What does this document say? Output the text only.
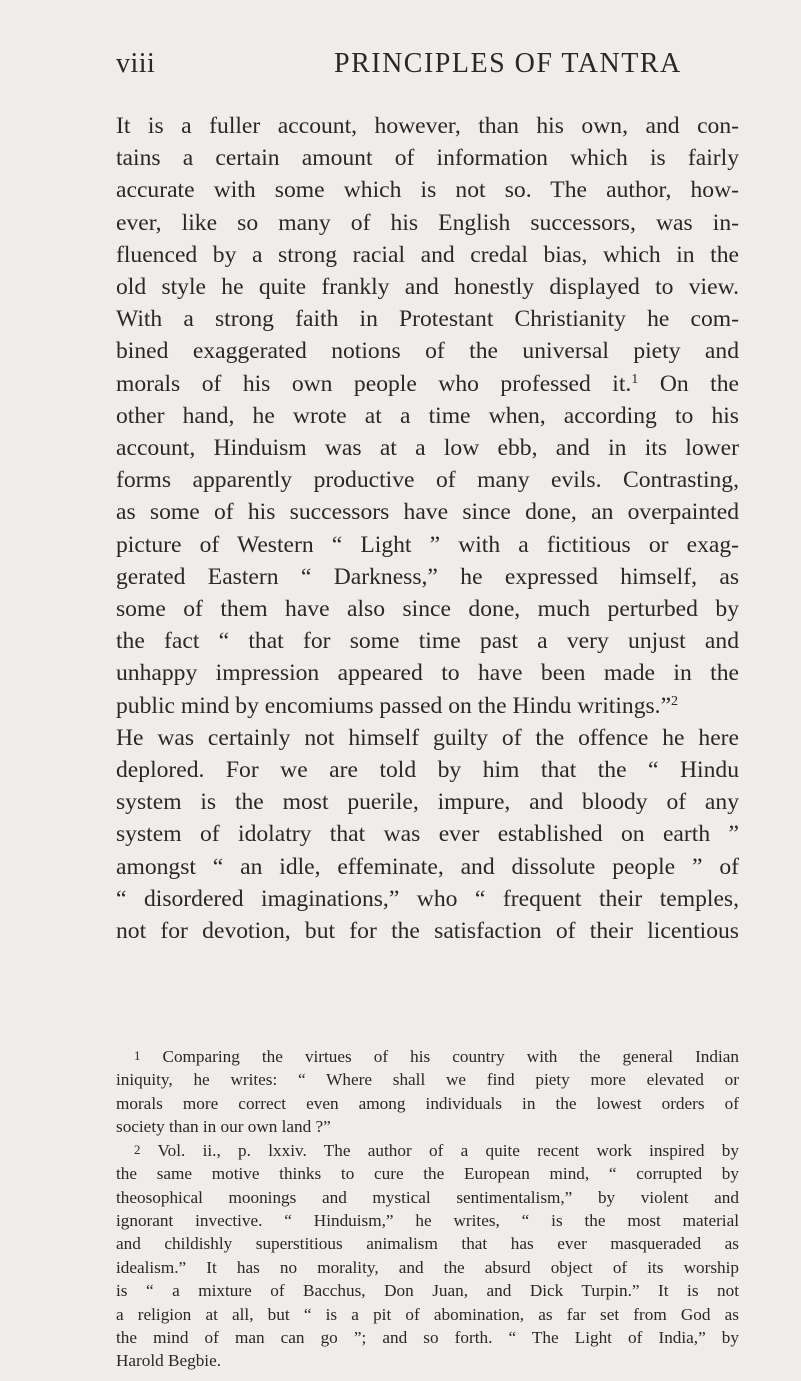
viii	PRINCIPLES OF TANTRA
It is a fuller account, however, than his own, and con-
tains a certain amount of information which is fairly
accurate with some which is not so. The author, how-
ever, like so many of his English successors, was in-
fluenced by a strong racial and credal bias, which in the
old style he quite frankly and honestly displayed to view.
With a strong faith in Protestant Christianity he com-
bined exaggerated notions of the universal piety and
morals of his own people who professed it.$^1$ On the
other hand, he wrote at a time when, according to his
account, Hinduism was at a low ebb, and in its lower
forms apparently productive of many evils. Contrasting,
as some of his successors have since done, an overpainted
picture of Western “ Light ” with a fictitious or exag-
gerated Eastern “ Darkness,” he expressed himself, as
some of them have also since done, much perturbed by
the fact “ that for some time past a very unjust and
unhappy impression appeared to have been made in the
public mind by encomiums passed on the Hindu writings.”$^2$
He was certainly not himself guilty of the offence he here
deplored. For we are told by him that the “ Hindu
system is the most puerile, impure, and bloody of any
system of idolatry that was ever established on earth ”
amongst “ an idle, effeminate, and dissolute people ” of
“ disordered imaginations,” who “ frequent their temples,
not for devotion, but for the satisfaction of their licentious
1 Comparing the virtues of his country with the general Indian
iniquity, he writes: “ Where shall we find piety more elevated or
morals more correct even among individuals in the lowest orders of
society than in our own land ?”
2 Vol. ii., p. lxxiv. The author of a quite recent work inspired by
the same motive thinks to cure the European mind, “ corrupted by
theosophical moonings and mystical sentimentalism,” by violent and
ignorant invective. “ Hinduism,” he writes, “ is the most material
and childishly superstitious animalism that has ever masqueraded as
idealism.” It has no morality, and the absurd object of its worship
is “ a mixture of Bacchus, Don Juan, and Dick Turpin.” It is not
a religion at all, but “ is a pit of abomination, as far set from God as
the mind of man can go ”; and so forth. “ The Light of India,” by
Harold Begbie.
